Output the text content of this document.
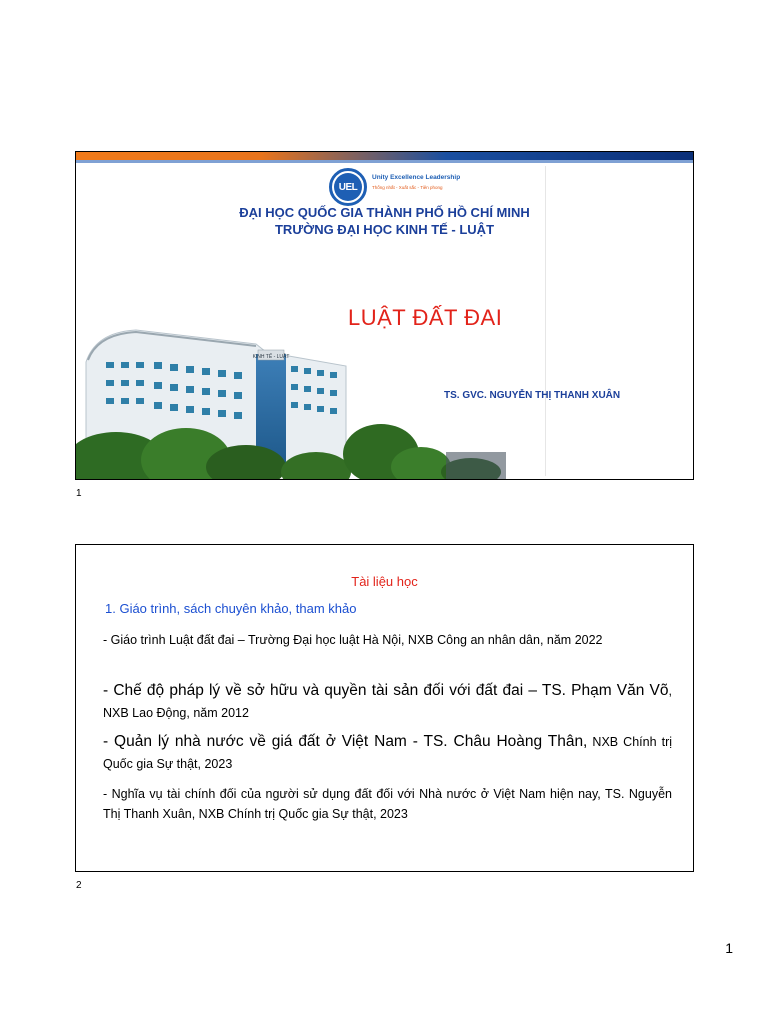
UEL
Unity Excellence Leadership
Thống nhất - Xuất sắc - Tiên phong
ĐẠI HỌC QUỐC GIA THÀNH PHỐ HỒ CHÍ MINH
TRƯỜNG ĐẠI HỌC KINH TẾ - LUẬT
KINH TẾ - LUẬT
LUẬT ĐẤT ĐAI
TS. GVC. NGUYỄN THỊ THANH XUÂN
1
Tài liệu học
1. Giáo trình, sách chuyên khảo, tham khảo
- Giáo trình Luật đất đai – Trường Đại học luật Hà Nội, NXB Công an nhân dân, năm 2022
- Chế độ pháp lý về sở hữu và quyền tài sản đối với đất đai – TS. Phạm Văn Võ, NXB Lao Động, năm 2012
- Quản lý nhà nước về giá đất ở Việt Nam - TS. Châu Hoàng Thân, NXB Chính trị Quốc gia Sự thật, 2023
- Nghĩa vụ tài chính đối của người sử dụng đất đối với Nhà nước ở Việt Nam hiện nay, TS. Nguyễn Thị Thanh Xuân, NXB Chính trị Quốc gia Sự thật, 2023
2
1
